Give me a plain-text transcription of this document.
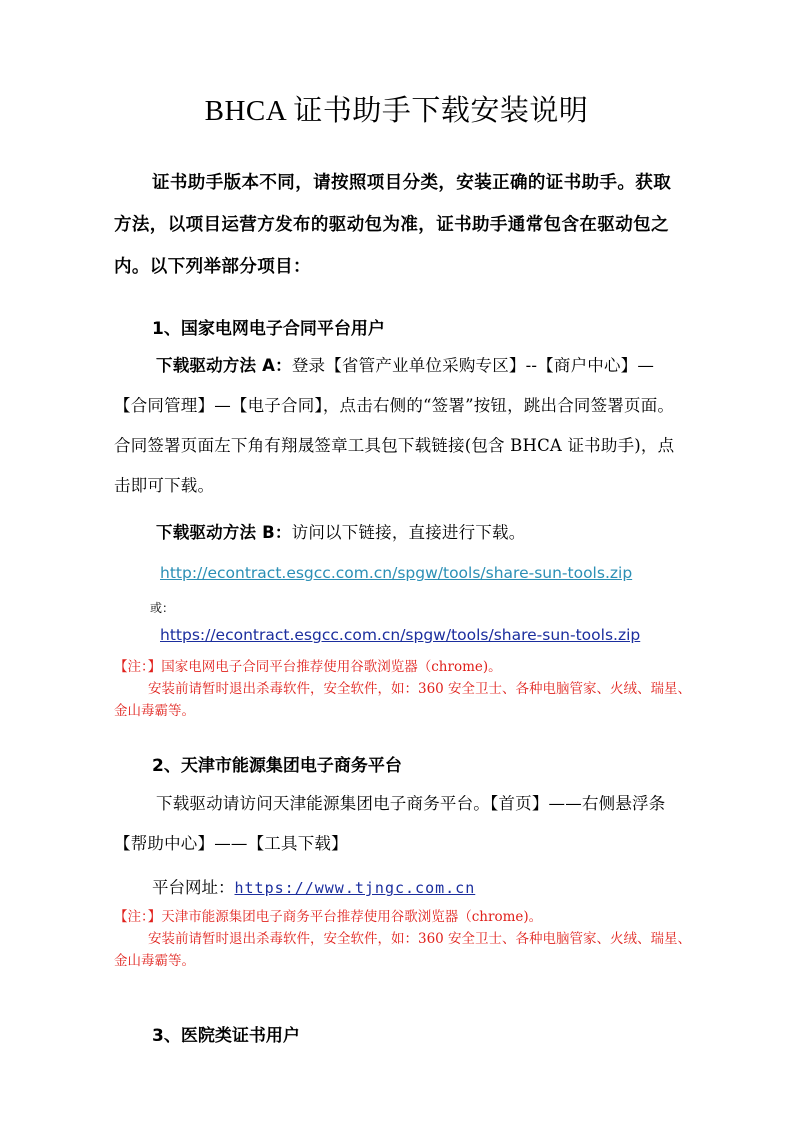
BHCA 证书助手下载安装说明
证书助手版本不同，请按照项目分类，安装正确的证书助手。获取方法，以项目运营方发布的驱动包为准，证书助手通常包含在驱动包之内。以下列举部分项目：
1、国家电网电子合同平台用户
下载驱动方法 A：登录【省管产业单位采购专区】--【商户中心】—【合同管理】—【电子合同】，点击右侧的“签署”按钮，跳出合同签署页面。合同签署页面左下角有翔晟签章工具包下载链接(包含 BHCA 证书助手)，点击即可下载。
下载驱动方法 B：访问以下链接，直接进行下载。
http://econtract.esgcc.com.cn/spgw/tools/share-sun-tools.zip
或：
https://econtract.esgcc.com.cn/spgw/tools/share-sun-tools.zip
【注：】国家电网电子合同平台推荐使用谷歌浏览器（chrome)。
安装前请暂时退出杀毒软件，安全软件，如：360 安全卫士、各种电脑管家、火绒、瑞星、金山毒霸等。
2、天津市能源集团电子商务平台
下载驱动请访问天津能源集团电子商务平台。【首页】——右侧悬浮条【帮助中心】——【工具下载】
平台网址：https://www.tjngc.com.cn
【注：】天津市能源集团电子商务平台推荐使用谷歌浏览器（chrome)。
安装前请暂时退出杀毒软件，安全软件，如：360 安全卫士、各种电脑管家、火绒、瑞星、金山毒霸等。
3、医院类证书用户
